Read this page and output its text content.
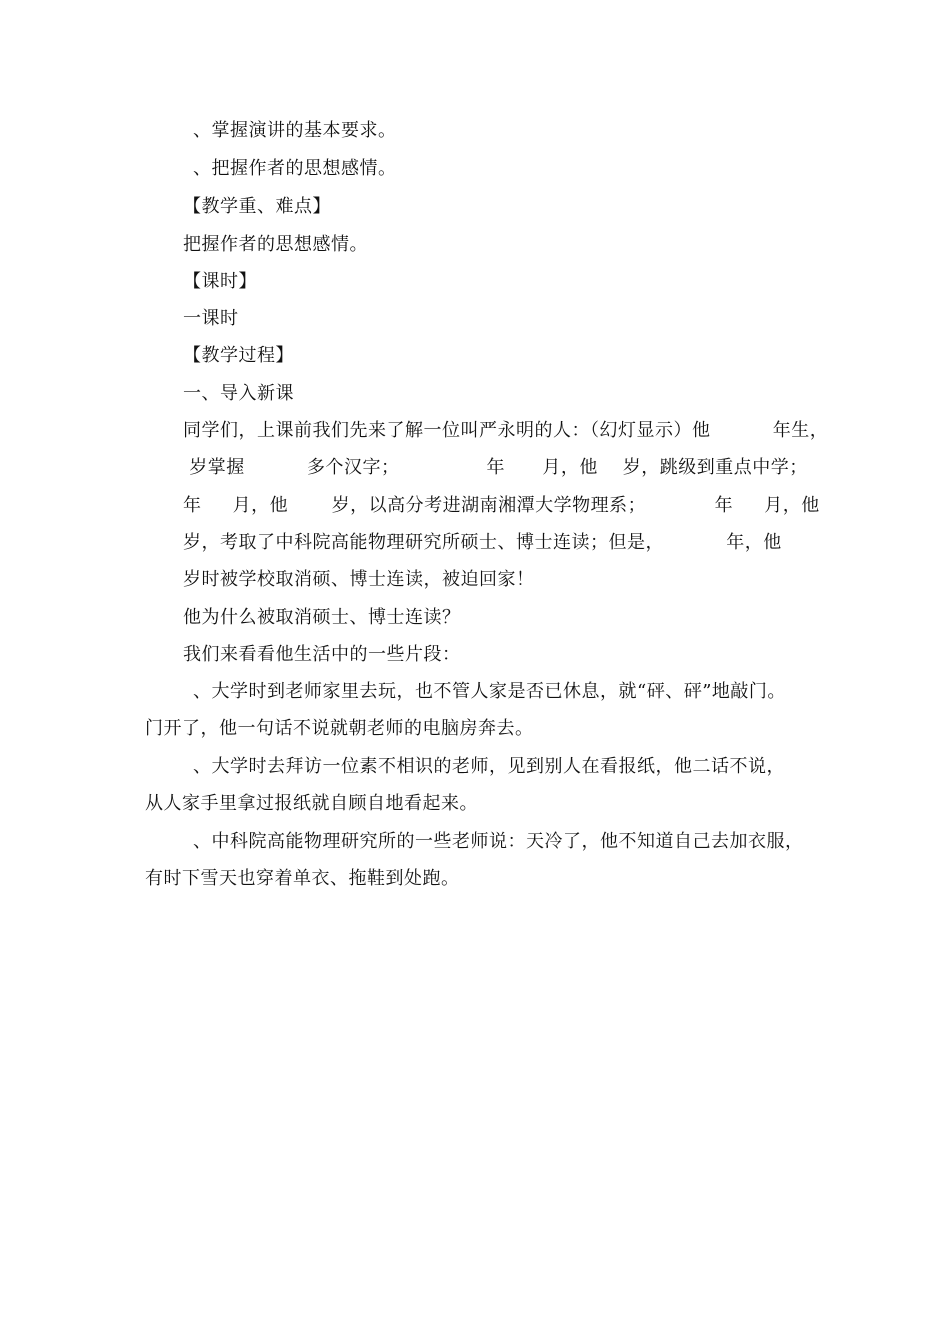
、掌握演讲的基本要求。
、把握作者的思想感情。
【教学重、难点】
把握作者的思想感情。
【课时】
一课时
【教学过程】
一、导入新课
同学们，上课前我们先来了解一位叫严永明的人：（幻灯显示）他          年生，
岁掌握          多个汉字；              年      月，他    岁，跳级到重点中学；
年     月，他       岁，以高分考进湖南湘潭大学物理系；           年     月，他
岁，考取了中科院高能物理研究所硕士、博士连读；但是，          年，他
岁时被学校取消硕、博士连读，被迫回家！
他为什么被取消硕士、博士连读？
我们来看看他生活中的一些片段：
、大学时到老师家里去玩，也不管人家是否已休息，就“砰、砰”地敲门。
门开了，他一句话不说就朝老师的电脑房奔去。
、大学时去拜访一位素不相识的老师，见到别人在看报纸，他二话不说，
从人家手里拿过报纸就自顾自地看起来。
、中科院高能物理研究所的一些老师说：天冷了，他不知道自己去加衣服，
有时下雪天也穿着单衣、拖鞋到处跑。
